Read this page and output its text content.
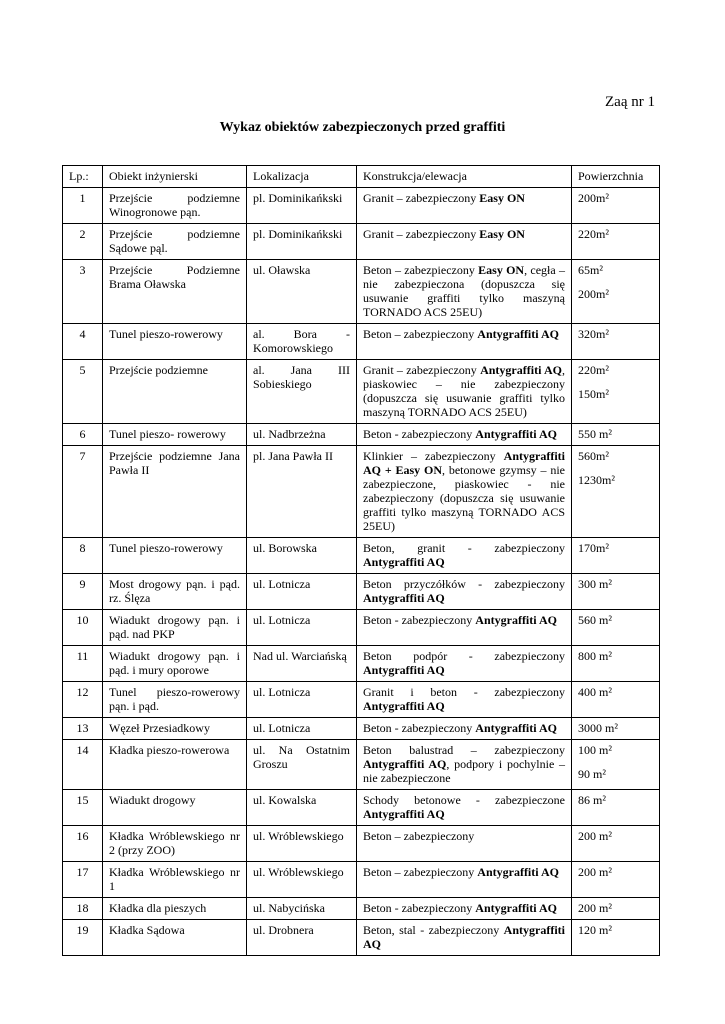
Zaą nr 1
Wykaz obiektów zabezpieczonych przed graffiti
Lp.:	Obiekt inżynierski	Lokalizacja	Konstrukcja/elewacja	Powierzchnia
1	Przejście podziemne Winogronowe pąn.	pl. Dominikańkski	Granit – zabezpieczony Easy ON	200m²

2	Przejście podziemne Sądowe pąl.	pl. Dominikańkski	Granit – zabezpieczony Easy ON	220m²

3	Przejście Podziemne Brama Oławska	ul. Oławska	Beton – zabezpieczony Easy ON, cegła – nie zabezpieczona (dopuszcza się usuwanie graffiti tylko maszyną TORNADO ACS 25EU)	65m²
200m²

4	Tunel pieszo-rowerowy	al. Bora - Komorowskiego	Beton – zabezpieczony Antygraffiti AQ	320m²

5	Przejście podziemne	al. Jana III Sobieskiego	Granit – zabezpieczony Antygraffiti AQ, piaskowiec – nie zabezpieczony (dopuszcza się usuwanie graffiti tylko maszyną TORNADO ACS 25EU)	220m²
150m²

6	Tunel pieszo- rowerowy	ul. Nadbrzeżna	Beton - zabezpieczony Antygraffiti AQ	550 m²

7	Przejście podziemne Jana Pawła II	pl. Jana Pawła II	Klinkier – zabezpieczony Antygraffiti AQ + Easy ON, betonowe gzymsy – nie zabezpieczone, piaskowiec - nie zabezpieczony (dopuszcza się usuwanie graffiti tylko maszyną TORNADO ACS 25EU)	560m²
1230m²

8	Tunel pieszo-rowerowy	ul. Borowska	Beton, granit - zabezpieczony Antygraffiti AQ	170m²

9	Most drogowy pąn. i pąd. rz. Ślęza	ul. Lotnicza	Beton przyczółków - zabezpieczony Antygraffiti AQ	300 m²

10	Wiadukt drogowy pąn. i pąd. nad PKP	ul. Lotnicza	Beton - zabezpieczony Antygraffiti AQ	560 m²

11	Wiadukt drogowy pąn. i pąd. i mury oporowe	Nad ul. Warciańską	Beton podpór - zabezpieczony Antygraffiti AQ	800 m²

12	Tunel pieszo-rowerowy pąn. i pąd.	ul. Lotnicza	Granit i beton - zabezpieczony Antygraffiti AQ	400 m²

13	Węzeł Przesiadkowy	ul. Lotnicza	Beton - zabezpieczony Antygraffiti AQ	3000 m²

14	Kładka pieszo-rowerowa	ul. Na Ostatnim Groszu	Beton balustrad – zabezpieczony Antygraffiti AQ, podpory i pochylnie – nie zabezpieczone	100 m²
90 m²

15	Wiadukt drogowy	ul. Kowalska	Schody betonowe - zabezpieczone Antygraffiti AQ	86 m²

16	Kładka Wróblewskiego nr 2 (przy ZOO)	ul. Wróblewskiego	Beton – zabezpieczony	200 m²

17	Kładka Wróblewskiego nr 1	ul. Wróblewskiego	Beton – zabezpieczony Antygraffiti AQ	200 m²

18	Kładka dla pieszych	ul. Nabycińska	Beton - zabezpieczony Antygraffiti AQ	200 m²

19	Kładka Sądowa	ul. Drobnera	Beton, stal - zabezpieczony Antygraffiti AQ	120 m²
